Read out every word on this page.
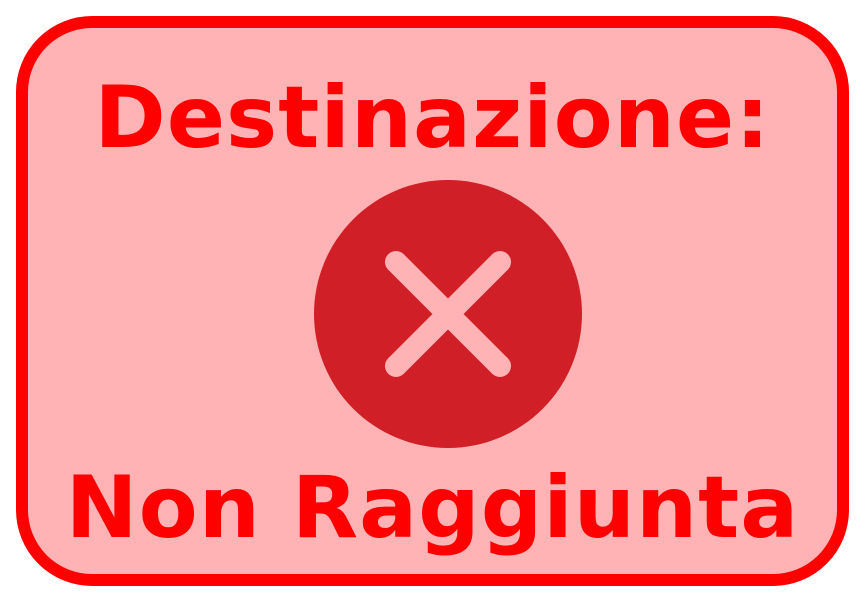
Destinazione:
Non Raggiunta
